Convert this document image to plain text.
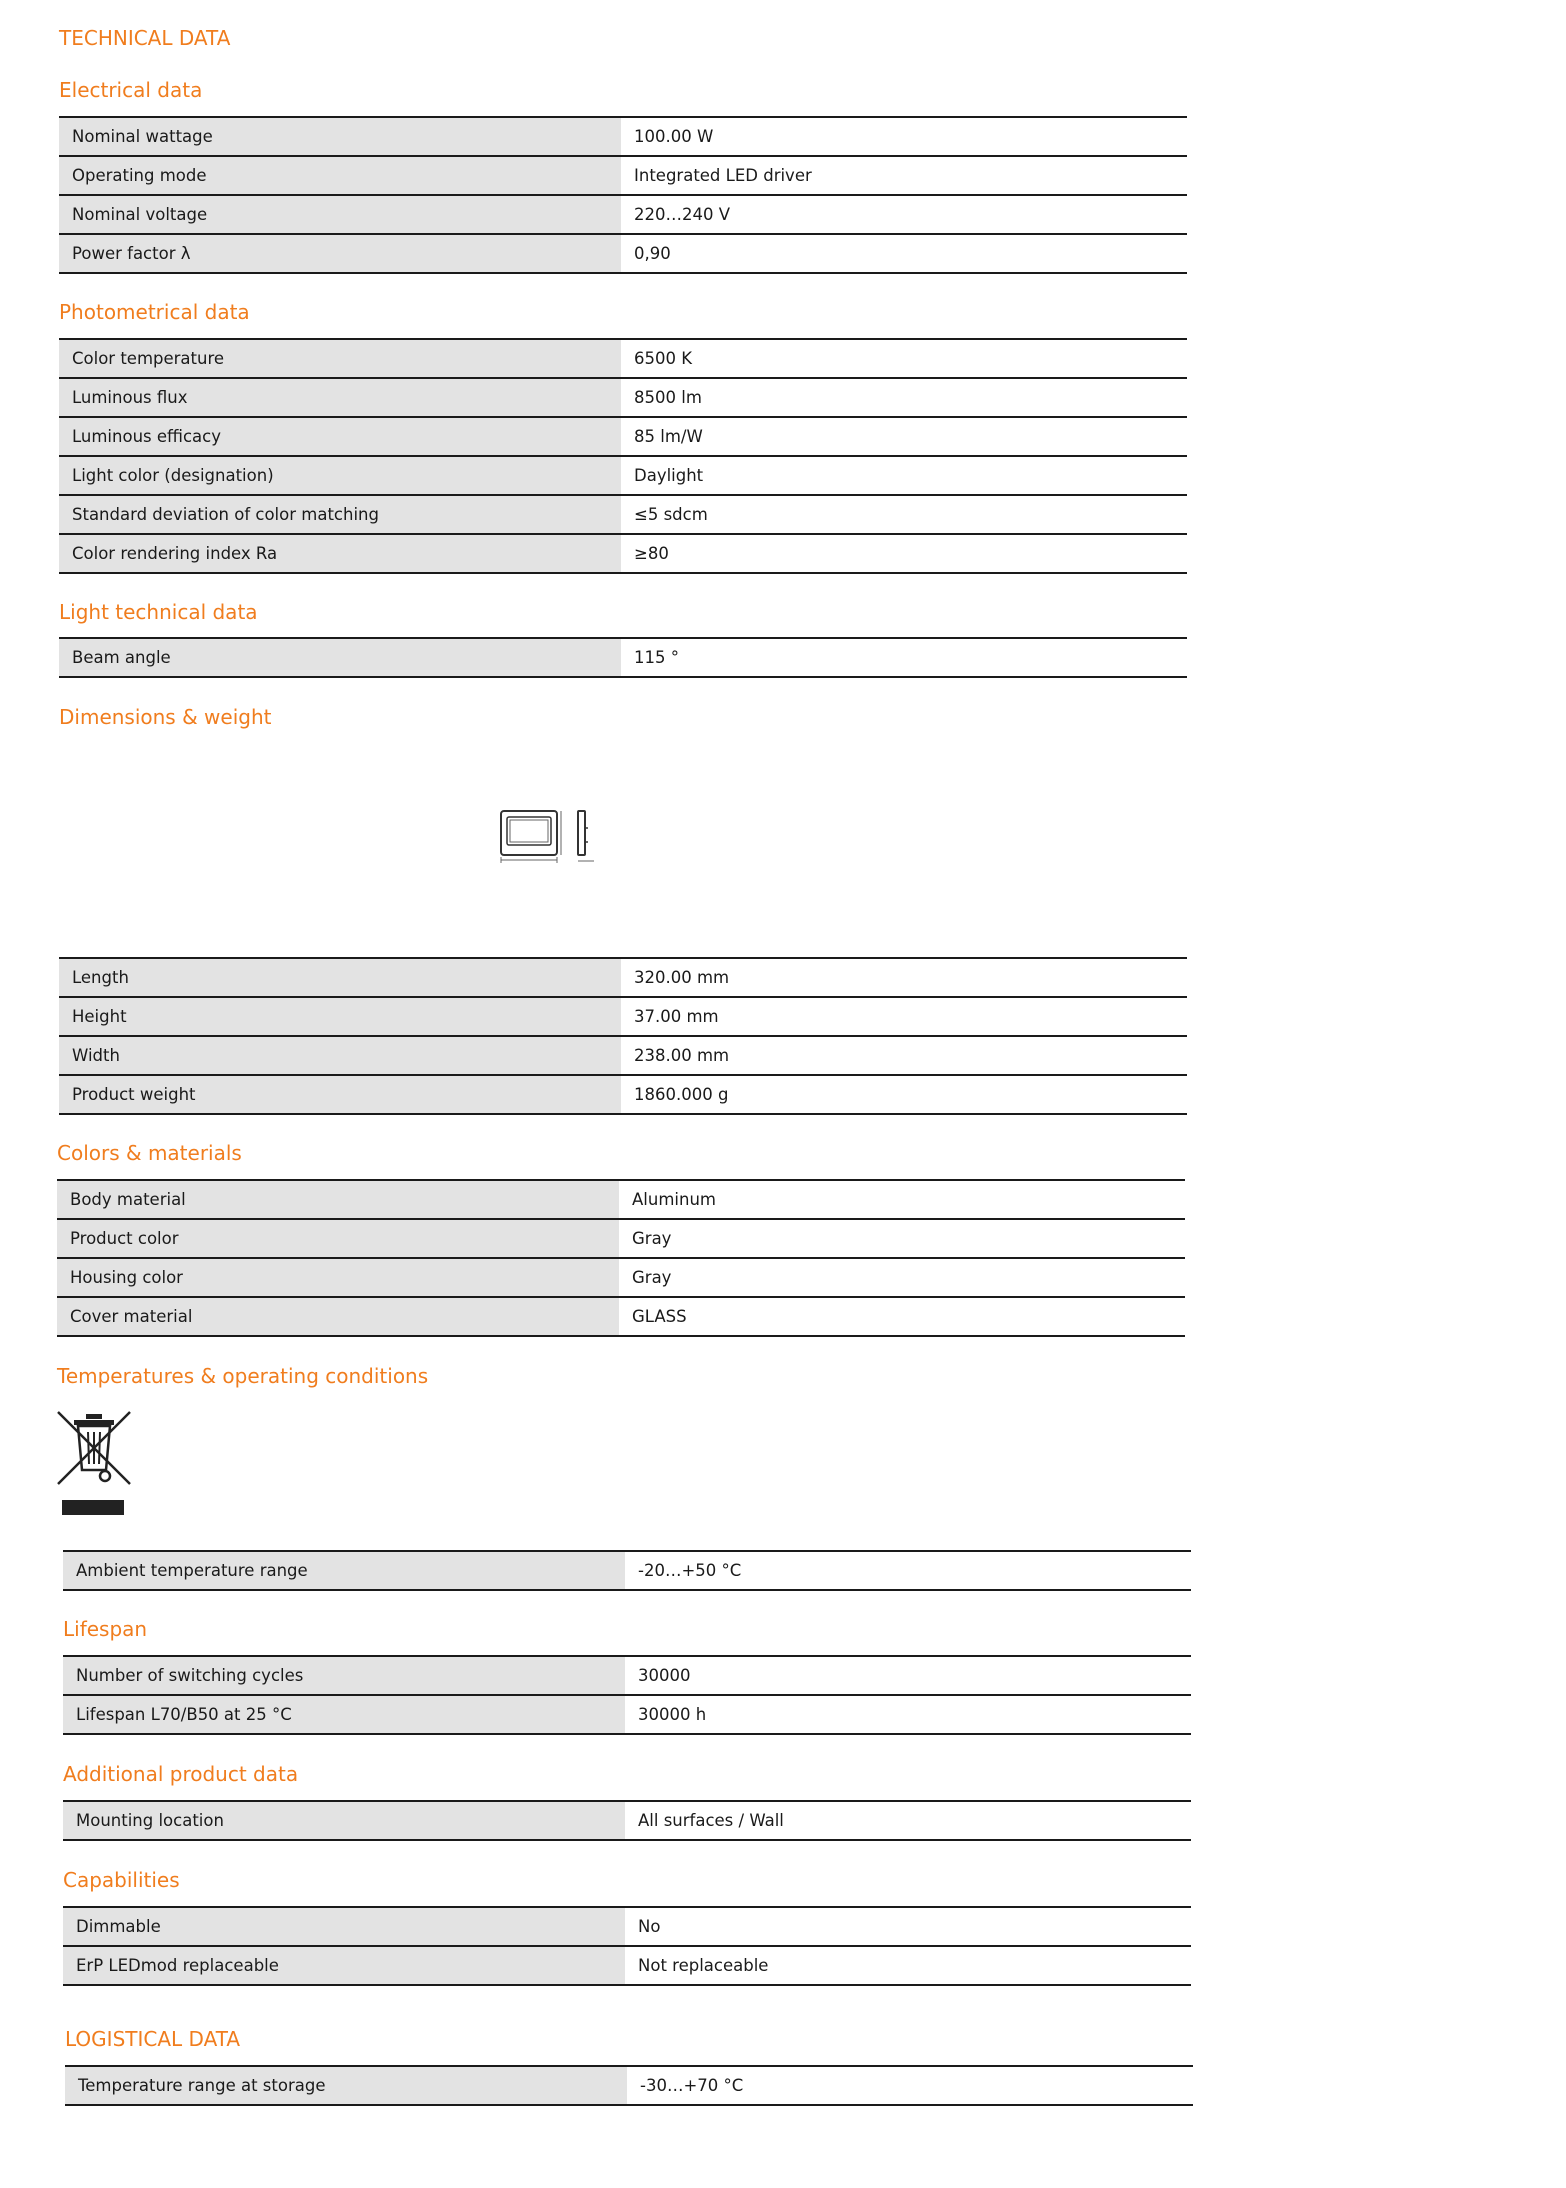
TECHNICAL DATA
Electrical data
Nominal wattage	100.00 W
Operating mode	Integrated LED driver
Nominal voltage	220…240 V
Power factor λ	0,90
Photometrical data
Color temperature	6500 K
Luminous flux	8500 lm
Luminous efficacy	85 lm/W
Light color (designation)	Daylight
Standard deviation of color matching	≤5 sdcm
Color rendering index Ra	≥80
Light technical data
Beam angle	115 °
Dimensions & weight
Length	320.00 mm
Height	37.00 mm
Width	238.00 mm
Product weight	1860.000 g
Colors & materials
Body material	Aluminum
Product color	Gray
Housing color	Gray
Cover material	GLASS
Temperatures & operating conditions
Ambient temperature range	-20…+50 °C
Lifespan
Number of switching cycles	30000
Lifespan L70/B50 at 25 °C	30000 h
Additional product data
Mounting location	All surfaces / Wall
Capabilities
Dimmable	No
ErP LEDmod replaceable	Not replaceable
LOGISTICAL DATA
Temperature range at storage	-30…+70 °C
